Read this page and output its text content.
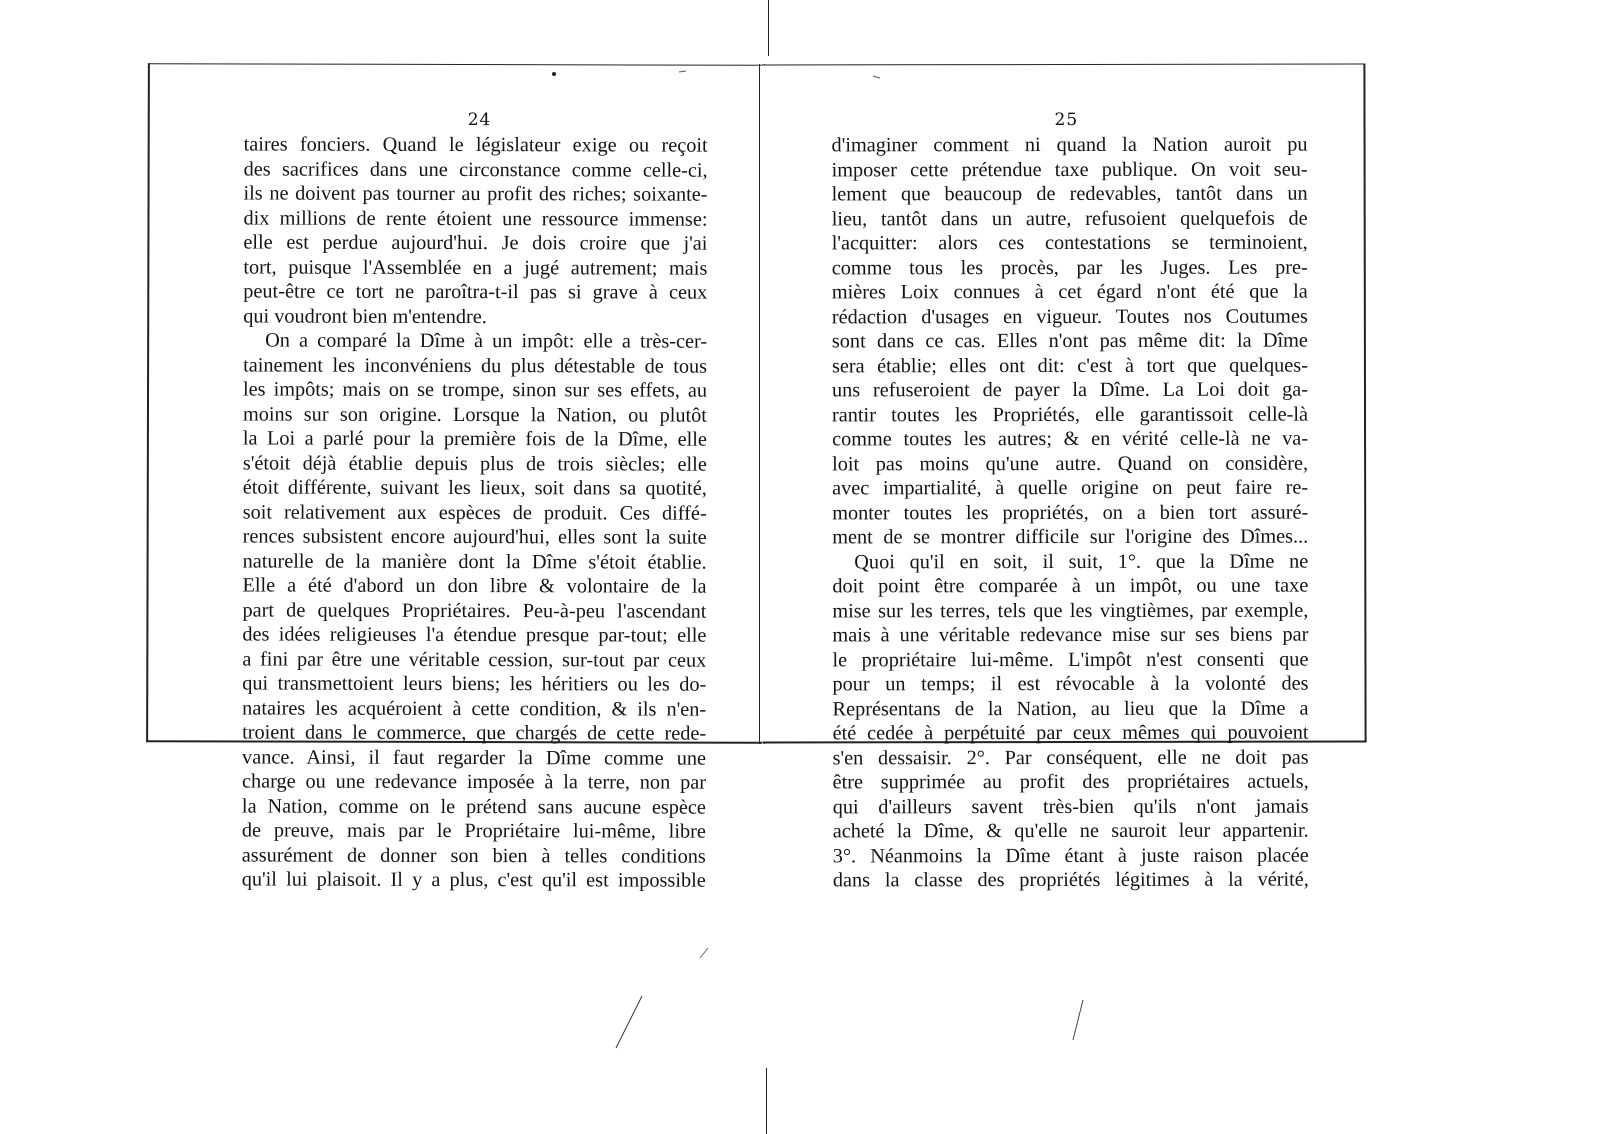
24
taires fonciers. Quand le législateur exige ou reçoit
des sacrifices dans une circonstance comme celle-ci,
ils ne doivent pas tourner au profit des riches; soixante-
dix millions de rente étoient une ressource immense:
elle est perdue aujourd'hui. Je dois croire que j'ai
tort, puisque l'Assemblée en a jugé autrement; mais
peut-être ce tort ne paroîtra-t-il pas si grave à ceux
qui voudront bien m'entendre.
On a comparé la Dîme à un impôt: elle a très-cer-
tainement les inconvéniens du plus détestable de tous
les impôts; mais on se trompe, sinon sur ses effets, au
moins sur son origine. Lorsque la Nation, ou plutôt
la Loi a parlé pour la première fois de la Dîme, elle
s'étoit déjà établie depuis plus de trois siècles; elle
étoit différente, suivant les lieux, soit dans sa quotité,
soit relativement aux espèces de produit. Ces diffé-
rences subsistent encore aujourd'hui, elles sont la suite
naturelle de la manière dont la Dîme s'étoit établie.
Elle a été d'abord un don libre & volontaire de la
part de quelques Propriétaires. Peu-à-peu l'ascendant
des idées religieuses l'a étendue presque par-tout; elle
a fini par être une véritable cession, sur-tout par ceux
qui transmettoient leurs biens; les héritiers ou les do-
nataires les acquéroient à cette condition, & ils n'en-
troient dans le commerce, que chargés de cette rede-
vance. Ainsi, il faut regarder la Dîme comme une
charge ou une redevance imposée à la terre, non par
la Nation, comme on le prétend sans aucune espèce
de preuve, mais par le Propriétaire lui-même, libre
assurément de donner son bien à telles conditions
qu'il lui plaisoit. Il y a plus, c'est qu'il est impossible
25
d'imaginer comment ni quand la Nation auroit pu
imposer cette prétendue taxe publique. On voit seu-
lement que beaucoup de redevables, tantôt dans un
lieu, tantôt dans un autre, refusoient quelquefois de
l'acquitter: alors ces contestations se terminoient,
comme tous les procès, par les Juges. Les pre-
mières Loix connues à cet égard n'ont été que la
rédaction d'usages en vigueur. Toutes nos Coutumes
sont dans ce cas. Elles n'ont pas même dit: la Dîme
sera établie; elles ont dit: c'est à tort que quelques-
uns refuseroient de payer la Dîme. La Loi doit ga-
rantir toutes les Propriétés, elle garantissoit celle-là
comme toutes les autres; & en vérité celle-là ne va-
loit pas moins qu'une autre. Quand on considère,
avec impartialité, à quelle origine on peut faire re-
monter toutes les propriétés, on a bien tort assuré-
ment de se montrer difficile sur l'origine des Dîmes...
Quoi qu'il en soit, il suit, 1°. que la Dîme ne
doit point être comparée à un impôt, ou une taxe
mise sur les terres, tels que les vingtièmes, par exemple,
mais à une véritable redevance mise sur ses biens par
le propriétaire lui-même. L'impôt n'est consenti que
pour un temps; il est révocable à la volonté des
Représentans de la Nation, au lieu que la Dîme a
été cedée à perpétuité par ceux mêmes qui pouvoient
s'en dessaisir. 2°. Par conséquent, elle ne doit pas
être supprimée au profit des propriétaires actuels,
qui d'ailleurs savent très-bien qu'ils n'ont jamais
acheté la Dîme, & qu'elle ne sauroit leur appartenir.
3°. Néanmoins la Dîme étant à juste raison placée
dans la classe des propriétés légitimes à la vérité,
